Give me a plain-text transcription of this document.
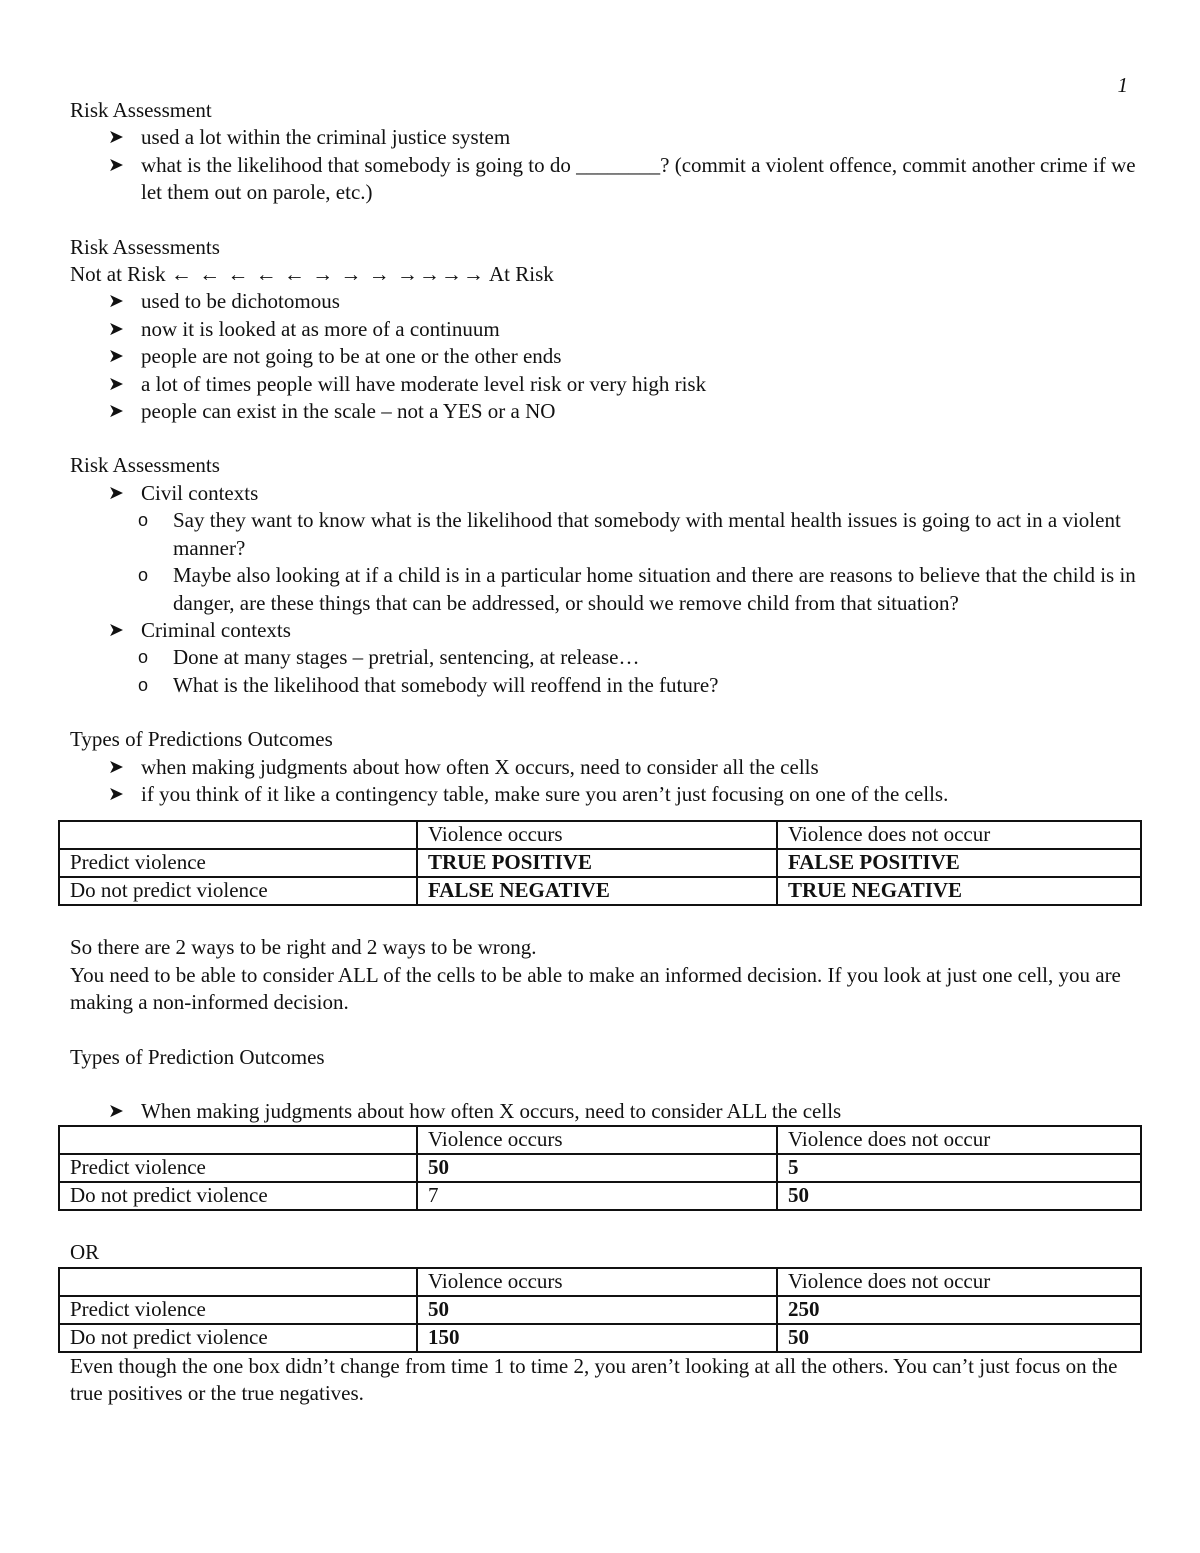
1

Risk Assessment

➤ used a lot within the criminal justice system
➤ what is the likelihood that somebody is going to do ________? (commit a violent offence, commit another crime if we let them out on parole, etc.)

Risk Assessments

Not at Risk ← ← ← ← ← → → → →→→→ At Risk

➤ used to be dichotomous
➤ now it is looked at as more of a continuum
➤ people are not going to be at one or the other ends
➤ a lot of times people will have moderate level risk or very high risk
➤ people can exist in the scale – not a YES or a NO

Risk Assessments

➤ Civil contexts
o Say they want to know what is the likelihood that somebody with mental health issues is going to act in a violent manner?
o Maybe also looking at if a child is in a particular home situation and there are reasons to believe that the child is in danger, are these things that can be addressed, or should we remove child from that situation?
➤ Criminal contexts
o Done at many stages – pretrial, sentencing, at release…
o What is the likelihood that somebody will reoffend in the future?

Types of Predictions Outcomes

➤ when making judgments about how often X occurs, need to consider all the cells
➤ if you think of it like a contingency table, make sure you aren’t just focusing on one of the cells.
	Violence occurs	Violence does not occur
Predict violence	TRUE POSITIVE	FALSE POSITIVE
Do not predict violence	FALSE NEGATIVE	TRUE NEGATIVE

So there are 2 ways to be right and 2 ways to be wrong.

You need to be able to consider ALL of the cells to be able to make an informed decision. If you look at just one cell, you are making a non-informed decision.

Types of Prediction Outcomes

➤ When making judgments about how often X occurs, need to consider ALL the cells
	Violence occurs	Violence does not occur
Predict violence	50	5
Do not predict violence	7	50

OR

	Violence occurs	Violence does not occur
Predict violence	50	250
Do not predict violence	150	50

Even though the one box didn’t change from time 1 to time 2, you aren’t looking at all the others. You can’t just focus on the true positives or the true negatives.
